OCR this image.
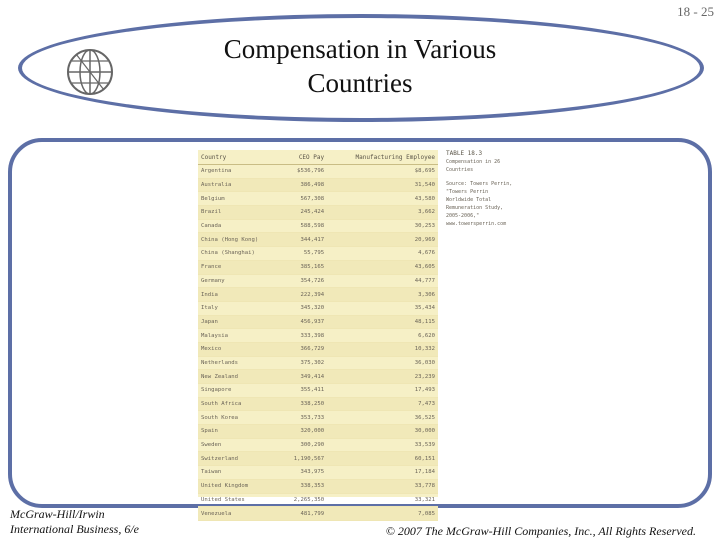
18 - 25
Compensation in Various
Countries
Country	CEO Pay	Manufacturing Employee
Argentina	$536,796	$8,695
Australia	386,498	31,540
Belgium	567,308	43,580
Brazil	245,424	3,662
Canada	588,598	30,253
China (Hong Kong)	344,417	20,969
China (Shanghai)	55,795	4,676
France	385,165	43,605
Germany	354,726	44,777
India	222,394	3,306
Italy	345,320	35,434
Japan	456,937	48,115
Malaysia	333,398	6,620
Mexico	366,729	10,332
Netherlands	375,302	36,030
New Zealand	349,414	23,239
Singapore	355,411	17,493
South Africa	338,250	7,473
South Korea	353,733	36,525
Spain	320,000	30,000
Sweden	300,290	33,539
Switzerland	1,190,567	60,151
Taiwan	343,975	17,184
United Kingdom	338,353	33,778
United States	2,265,350	33,321
Venezuela	481,799	7,085
TABLE 18.3
Compensation in 26 Countries
Source: Towers Perrin, "Towers Perrin Worldwide Total Remuneration Study, 2005-2006," www.towersperrin.com
McGraw-Hill/Irwin
International Business, 6/e	© 2007 The McGraw-Hill Companies, Inc., All Rights Reserved.
